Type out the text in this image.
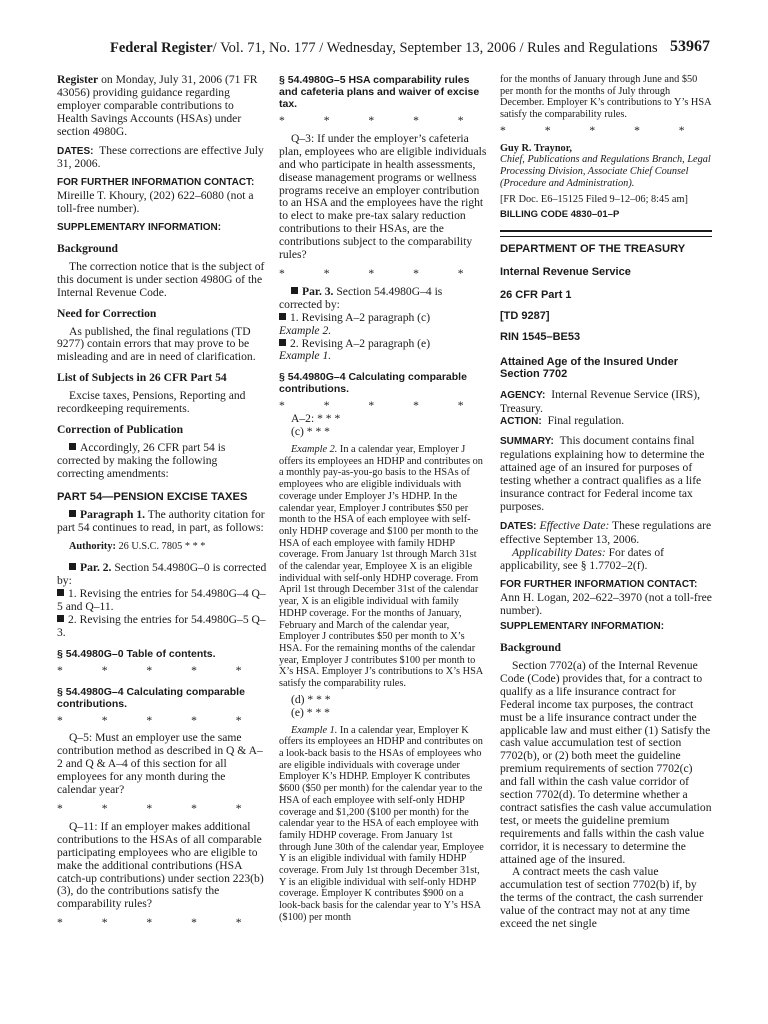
Federal Register/ Vol. 71, No. 177 / Wednesday, September 13, 2006 / Rules and Regulations 53967

Register on Monday, July 31, 2006 (71 FR 43056) providing guidance regarding employer comparable contributions to Health Savings Accounts (HSAs) under section 4980G.

DATES: These corrections are effective July 31, 2006.

FOR FURTHER INFORMATION CONTACT:

Mireille T. Khoury, (202) 622–6080 (not a toll-free number).

SUPPLEMENTARY INFORMATION:
Background

The correction notice that is the subject of this document is under section 4980G of the Internal Revenue Code.

Need for Correction

As published, the final regulations (TD 9277) contain errors that may prove to be misleading and are in need of clarification.

List of Subjects in 26 CFR Part 54

Excise taxes, Pensions, Reporting and recordkeeping requirements.

Correction of Publication

Accordingly, 26 CFR part 54 is corrected by making the following correcting amendments:

PART 54—PENSION EXCISE TAXES

Paragraph 1. The authority citation for part 54 continues to read, in part, as follows:

Authority: 26 U.S.C. 7805 * * *

Par. 2. Section 54.4980G–0 is corrected by:

1. Revising the entries for 54.4980G–4 Q–5 and Q–11.

2. Revising the entries for 54.4980G–5 Q–3.

§ 54.4980G–0 Table of contents.
* * * * *
§ 54.4980G–4 Calculating comparable contributions.
* * * * *

Q–5: Must an employer use the same contribution method as described in Q & A–2 and Q & A–4 of this section for all employees for any month during the calendar year?

* * * * *

Q–11: If an employer makes additional contributions to the HSAs of all comparable participating employees who are eligible to make the additional contributions (HSA catch-up contributions) under section 223(b)(3), do the contributions satisfy the comparability rules?

* * * * *
§ 54.4980G–5 HSA comparability rules and cafeteria plans and waiver of excise tax.
* * * * *

Q–3: If under the employer’s cafeteria plan, employees who are eligible individuals and who participate in health assessments, disease management programs or wellness programs receive an employer contribution to an HSA and the employees have the right to elect to make pre-tax salary reduction contributions to their HSAs, are the contributions subject to the comparability rules?

* * * * *

Par. 3. Section 54.4980G–4 is corrected by:

1. Revising A–2 paragraph (c)
Example 2.

2. Revising A–2 paragraph (e)
Example 1.

§ 54.4980G–4 Calculating comparable contributions.
* * * * *
A–2: * * *
(c) * * *

Example 2. In a calendar year, Employer J offers its employees an HDHP and contributes on a monthly pay-as-you-go basis to the HSAs of employees who are eligible individuals with coverage under Employer J’s HDHP. In the calendar year, Employer J contributes $50 per month to the HSA of each employee with self-only HDHP coverage and $100 per month to the HSA of each employee with family HDHP coverage. From January 1st through March 31st of the calendar year, Employee X is an eligible individual with self-only HDHP coverage. From April 1st through December 31st of the calendar year, X is an eligible individual with family HDHP coverage. For the months of January, February and March of the calendar year, Employer J contributes $50 per month to X’s HSA. For the remaining months of the calendar year, Employer J contributes $100 per month to X’s HSA. Employer J’s contributions to X’s HSA satisfy the comparability rules.

(d) * * *
(e) * * *

Example 1. In a calendar year, Employer K offers its employees an HDHP and contributes on a look-back basis to the HSAs of employees who are eligible individuals with coverage under Employer K’s HDHP. Employer K contributes $600 ($50 per month) for the calendar year to the HSA of each employee with self-only HDHP coverage and $1,200 ($100 per month) for the calendar year to the HSA of each employee with family HDHP coverage. From January 1st through June 30th of the calendar year, Employee Y is an eligible individual with family HDHP coverage. From July 1st through December 31st, Y is an eligible individual with self-only HDHP coverage. Employer K contributes $900 on a look-back basis for the calendar year to Y’s HSA ($100) per month

for the months of January through June and $50 per month for the months of July through December. Employer K’s contributions to Y’s HSA satisfy the comparability rules.

* * * * *

Guy R. Traynor,

Chief, Publications and Regulations Branch, Legal Processing Division, Associate Chief Counsel (Procedure and Administration).

[FR Doc. E6–15125 Filed 9–12–06; 8:45 am]

BILLING CODE 4830–01–P
DEPARTMENT OF THE TREASURY
Internal Revenue Service
26 CFR Part 1
[TD 9287]
RIN 1545–BE53
Attained Age of the Insured Under Section 7702

AGENCY: Internal Revenue Service (IRS), Treasury.

ACTION: Final regulation.

SUMMARY: This document contains final regulations explaining how to determine the attained age of an insured for purposes of testing whether a contract qualifies as a life insurance contract for Federal income tax purposes.

DATES: Effective Date: These regulations are effective September 13, 2006.

Applicability Dates: For dates of applicability, see § 1.7702–2(f).

FOR FURTHER INFORMATION CONTACT: Ann H. Logan, 202–622–3970 (not a toll-free number).

SUPPLEMENTARY INFORMATION:
Background

Section 7702(a) of the Internal Revenue Code (Code) provides that, for a contract to qualify as a life insurance contract for Federal income tax purposes, the contract must be a life insurance contract under the applicable law and must either (1) Satisfy the cash value accumulation test of section 7702(b), or (2) both meet the guideline premium requirements of section 7702(c) and fall within the cash value corridor of section 7702(d). To determine whether a contract satisfies the cash value accumulation test, or meets the guideline premium requirements and falls within the cash value corridor, it is necessary to determine the attained age of the insured.

A contract meets the cash value accumulation test of section 7702(b) if, by the terms of the contract, the cash surrender value of the contract may not at any time exceed the net single
